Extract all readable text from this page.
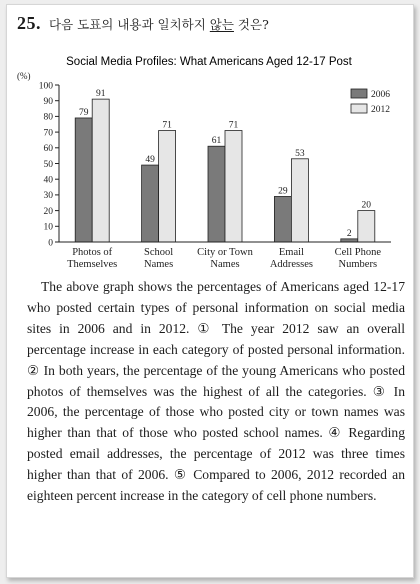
25. 다음 도표의 내용과 일치하지 않는 것은?
Social Media Profiles: What Americans Aged 12-17 Post
(%)
0
10
20
30
40
50
60
70
80
90
100
79
91
49
71
61
71
29
53
2
20
Photos of
Themselves
School
Names
City or Town
Names
Email
Addresses
Cell Phone
Numbers
2006
2012

The above graph shows the percentages of Americans aged 12-17 who posted certain types of personal information on social media sites in 2006 and in 2012. ① The year 2012 saw an overall percentage increase in each category of posted personal information. ② In both years, the percentage of the young Americans who posted photos of themselves was the highest of all the categories. ③ In 2006, the percentage of those who posted city or town names was higher than that of those who posted school names. ④ Regarding posted email addresses, the percentage of 2012 was three times higher than that of 2006. ⑤ Compared to 2006, 2012 recorded an eighteen percent increase in the category of cell phone numbers.
